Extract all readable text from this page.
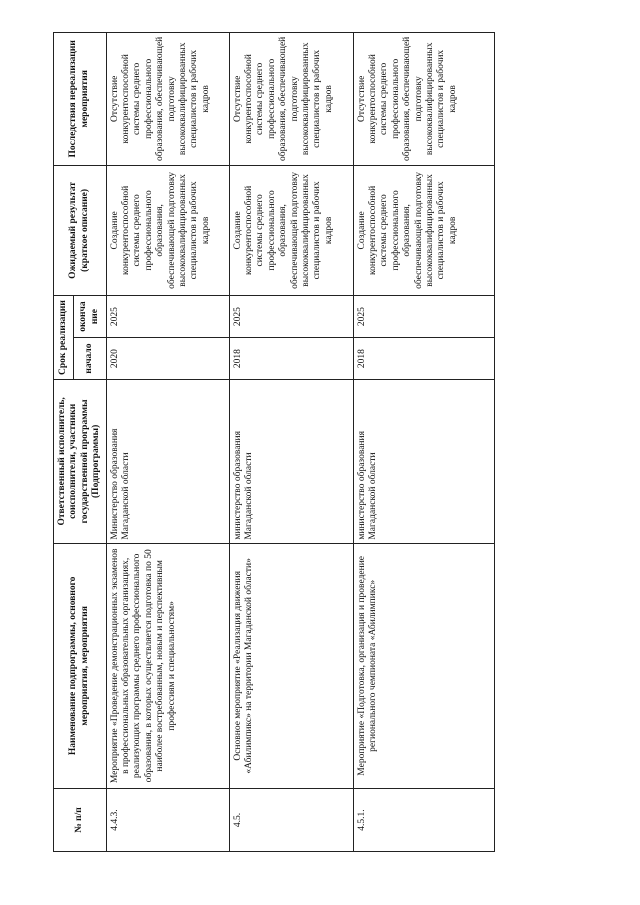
№ п/п	Наименование подпрограммы, основного мероприятия, мероприятия	Ответственный исполнитель, соисполнители, участники государственной программы (Подпрограммы)	Срок реализации		Ожидаемый результат (краткое описание)	Последствия нереализации мероприятия
			начало	окончание		
4.4.3.	Мероприятие «Проведение демонстрационных экзаменов в профессиональных образовательных организациях, реализующих программы среднего профессионального образования, в которых осуществляется подготовка по 50 наиболее востребованным, новым и перспективным профессиям и специальностям»	Министерство образования Магаданской области	2020	2025	Создание конкурентоспособной системы среднего профессионального образования, обеспечивающей подготовку высококвалифицированных специалистов и рабочих кадров	Отсутствие конкурентоспособной системы среднего профессионального образования, обеспечивающей подготовку высококвалифицированных специалистов и рабочих кадров
4.5.	Основное мероприятие «Реализация движения «Абилимпикс» на территории Магаданской области»	министерство образования Магаданской области	2018	2025	Создание конкурентоспособной системы среднего профессионального образования, обеспечивающей подготовку высококвалифицированных специалистов и рабочих кадров	Отсутствие конкурентоспособной системы среднего профессионального образования, обеспечивающей подготовку высококвалифицированных специалистов и рабочих кадров
4.5.1.	Мероприятие «Подготовка, организация и проведение регионального чемпионата «Абилимпикс»	министерство образования Магаданской области	2018	2025	Создание конкурентоспособной системы среднего профессионального образования, обеспечивающей подготовку высококвалифицированных специалистов и рабочих кадров	Отсутствие конкурентоспособной системы среднего профессионального образования, обеспечивающей подготовку высококвалифицированных специалистов и рабочих кадров
